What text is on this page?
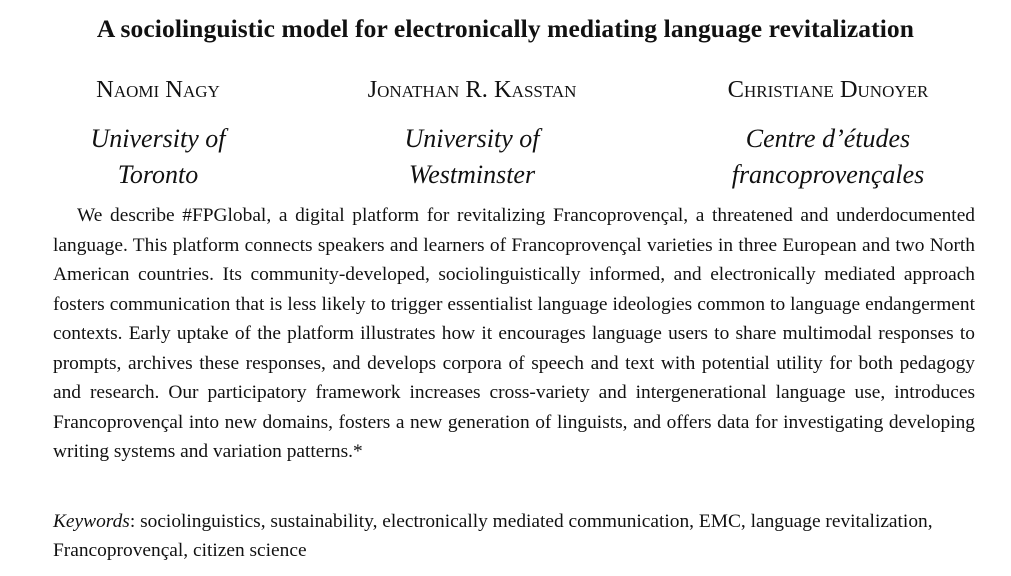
A sociolinguistic model for electronically mediating language revitalization
Naomi Nagy
University of
Toronto
Jonathan R. Kasstan
University of
Westminster
Christiane Dunoyer
Centre d’études
francoprovençales
We describe #FPGlobal, a digital platform for revitalizing Francoprovençal, a threatened and underdocumented language. This platform connects speakers and learners of Francoprovençal varieties in three European and two North American countries. Its community-developed, sociolinguistically informed, and electronically mediated approach fosters communication that is less likely to trigger essentialist language ideologies common to language endangerment contexts. Early uptake of the platform illustrates how it encourages language users to share multimodal responses to prompts, archives these responses, and develops corpora of speech and text with potential utility for both pedagogy and research. Our participatory framework increases cross-variety and intergenerational language use, introduces Francoprovençal into new domains, fosters a new generation of linguists, and offers data for investigating developing writing systems and variation patterns.*
Keywords: sociolinguistics, sustainability, electronically mediated communication, EMC, language revitalization, Francoprovençal, citizen science
